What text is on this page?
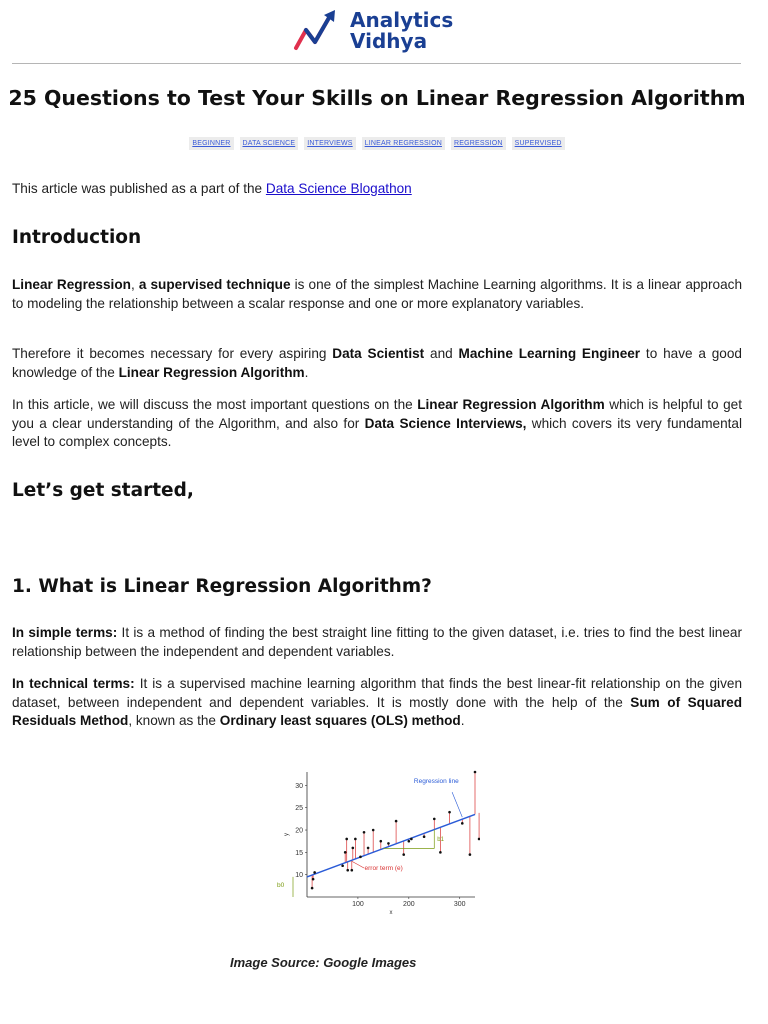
Analytics
Vidhya
25 Questions to Test Your Skills on Linear Regression Algorithm
BEGINNER	DATA SCIENCE	INTERVIEWS	LINEAR REGRESSION	REGRESSION	SUPERVISED

This article was published as a part of the Data Science Blogathon

Introduction

Linear Regression, a supervised technique is one of the simplest Machine Learning algorithms. It is a linear approach to modeling the relationship between a scalar response and one or more explanatory variables.

Therefore it becomes necessary for every aspiring Data Scientist and Machine Learning Engineer to have a good knowledge of the Linear Regression Algorithm.

In this article, we will discuss the most important questions on the Linear Regression Algorithm which is helpful to get you a clear understanding of the Algorithm, and also for Data Science Interviews, which covers its very fundamental level to complex concepts.

Let’s get started,
1. What is Linear Regression Algorithm?

In simple terms: It is a method of finding the best straight line fitting to the given dataset, i.e. tries to find the best linear relationship between the independent and dependent variables.

In technical terms: It is a supervised machine learning algorithm that finds the best linear-fit relationship on the given dataset, between independent and dependent variables. It is mostly done with the help of the Sum of Squared Residuals Method, known as the Ordinary least squares (OLS) method.

10
15
20
25
30
100	200	300
x
y
b1
b0
Regression line
error term (e)
Image Source: Google Images
